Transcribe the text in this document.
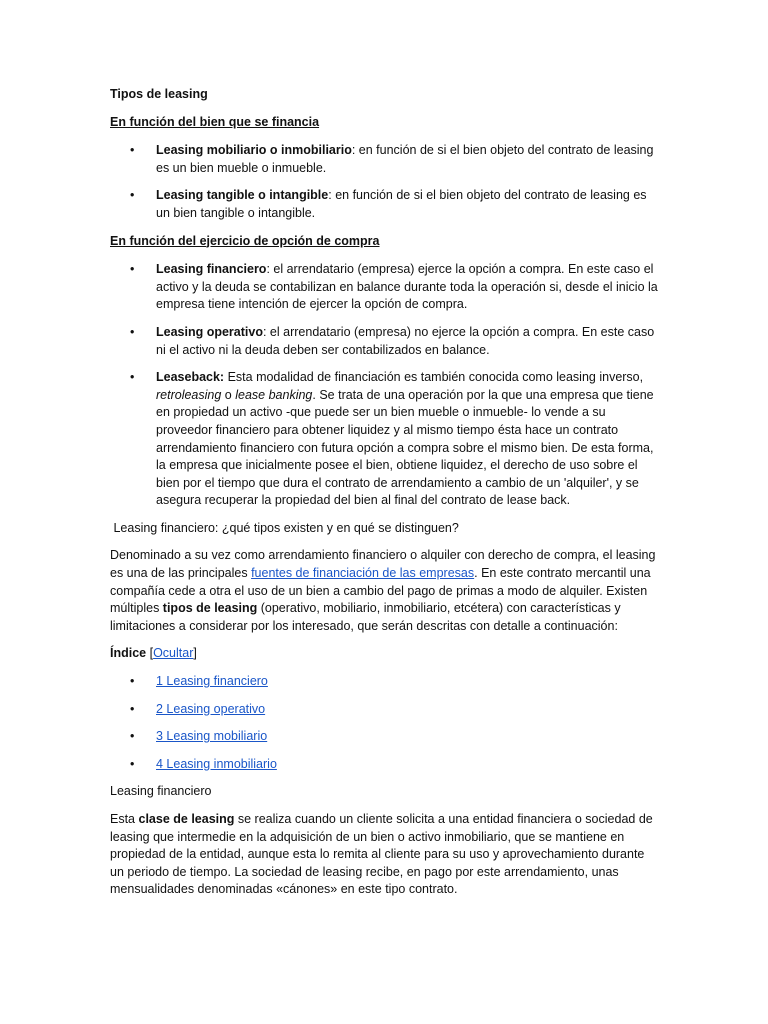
Tipos de leasing

En función del bien que se financia

• Leasing mobiliario o inmobiliario: en función de si el bien objeto del contrato de leasing es un bien mueble o inmueble.
• Leasing tangible o intangible: en función de si el bien objeto del contrato de leasing es un bien tangible o intangible.

En función del ejercicio de opción de compra

• Leasing financiero: el arrendatario (empresa) ejerce la opción a compra. En este caso el activo y la deuda se contabilizan en balance durante toda la operación si, desde el inicio la empresa tiene intención de ejercer la opción de compra.
• Leasing operativo: el arrendatario (empresa) no ejerce la opción a compra. En este caso ni el activo ni la deuda deben ser contabilizados en balance.
• Leaseback: Esta modalidad de financiación es también conocida como leasing inverso, retroleasing o lease banking. Se trata de una operación por la que una empresa que tiene en propiedad un activo -que puede ser un bien mueble o inmueble- lo vende a su proveedor financiero para obtener liquidez y al mismo tiempo ésta hace un contrato arrendamiento financiero con futura opción a compra sobre el mismo bien. De esta forma, la empresa que inicialmente posee el bien, obtiene liquidez, el derecho de uso sobre el bien por el tiempo que dura el contrato de arrendamiento a cambio de un 'alquiler', y se asegura recuperar la propiedad del bien al final del contrato de lease back.

Leasing financiero: ¿qué tipos existen y en qué se distinguen?

Denominado a su vez como arrendamiento financiero o alquiler con derecho de compra, el leasing es una de las principales fuentes de financiación de las empresas. En este contrato mercantil una compañía cede a otra el uso de un bien a cambio del pago de primas a modo de alquiler. Existen múltiples tipos de leasing (operativo, mobiliario, inmobiliario, etcétera) con características y limitaciones a considerar por los interesado, que serán descritas con detalle a continuación:

Índice [Ocultar]

• 1 Leasing financiero
• 2 Leasing operativo
• 3 Leasing mobiliario
• 4 Leasing inmobiliario

Leasing financiero

Esta clase de leasing se realiza cuando un cliente solicita a una entidad financiera o sociedad de leasing que intermedie en la adquisición de un bien o activo inmobiliario, que se mantiene en propiedad de la entidad, aunque esta lo remita al cliente para su uso y aprovechamiento durante un periodo de tiempo. La sociedad de leasing recibe, en pago por este arrendamiento, unas mensualidades denominadas «cánones» en este tipo contrato.
